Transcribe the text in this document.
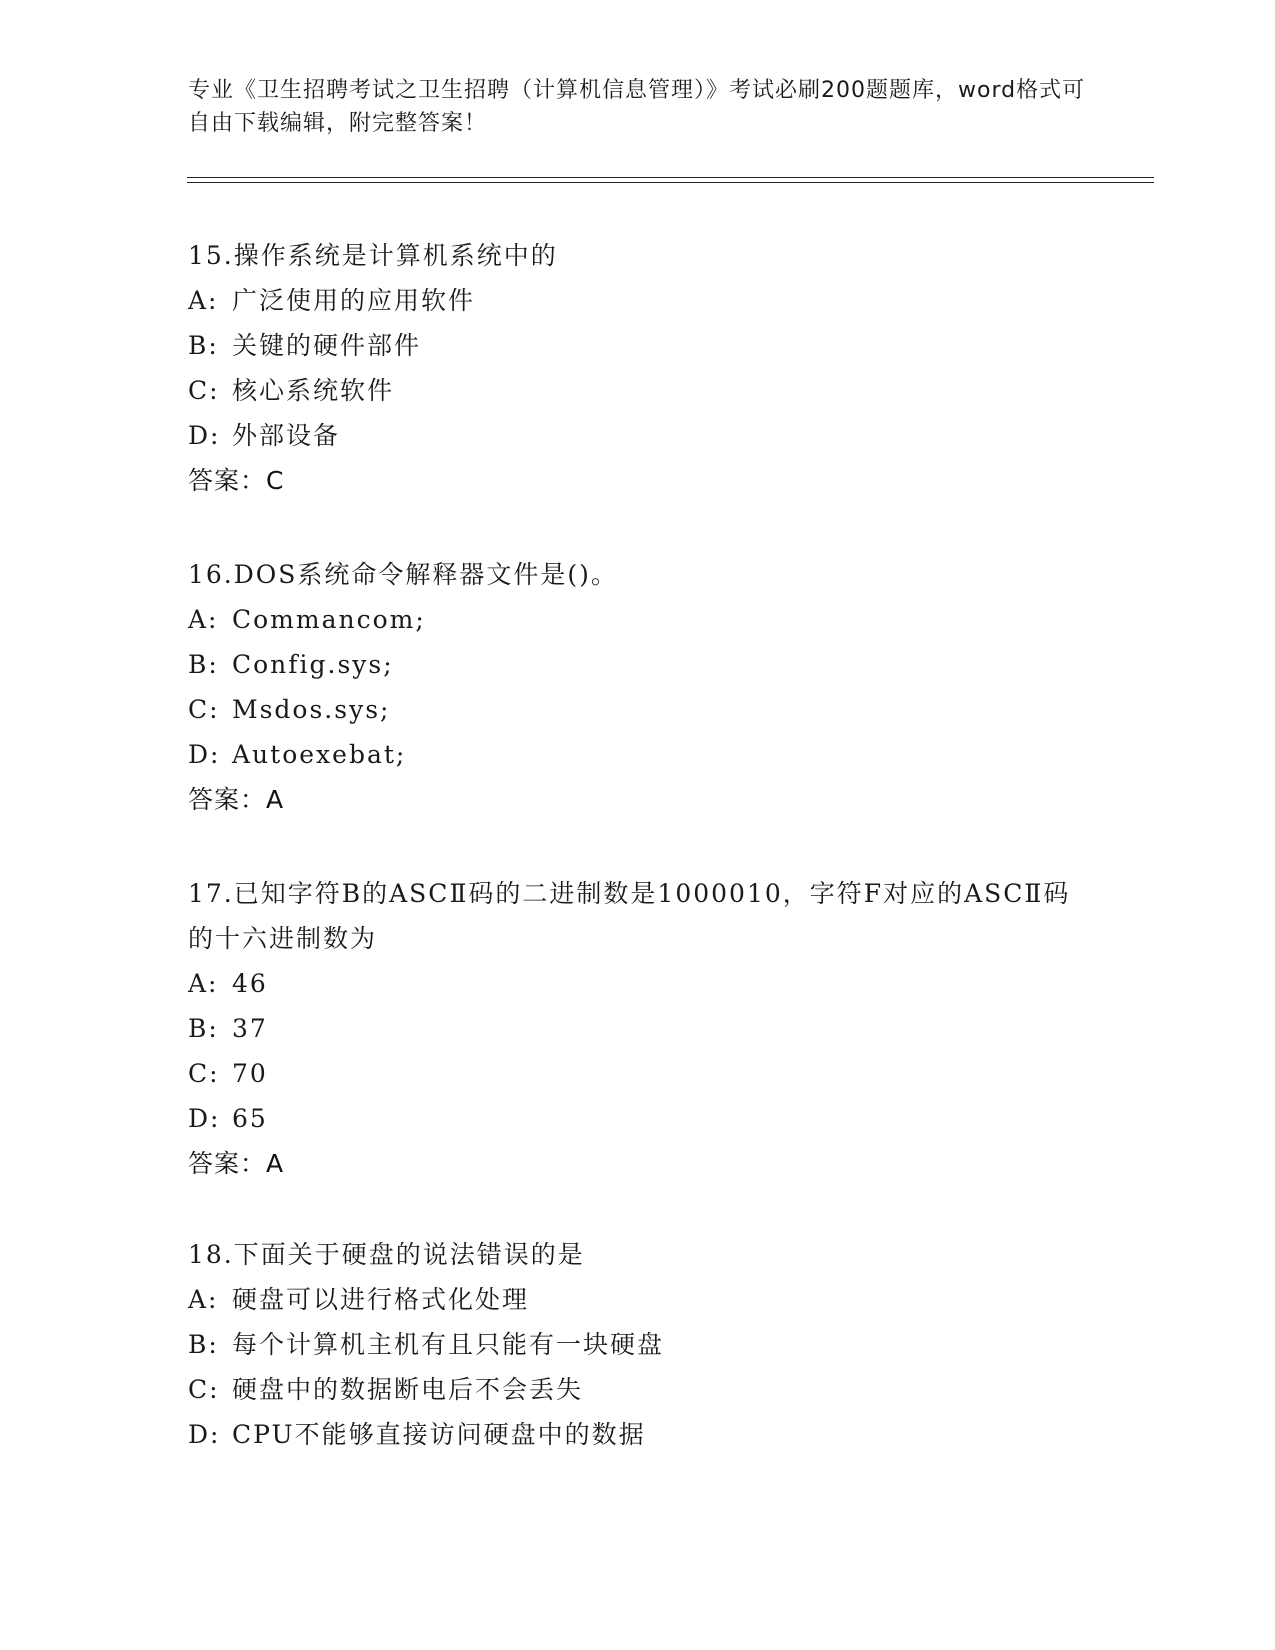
专业《卫生招聘考试之卫生招聘（计算机信息管理）》考试必刷200题题库，word格式可自由下载编辑，附完整答案！
15.操作系统是计算机系统中的
A: 广泛使用的应用软件
B: 关键的硬件部件
C: 核心系统软件
D: 外部设备
答案：C
16.DOS系统命令解释器文件是()。
A: Commancom;
B: Config.sys;
C: Msdos.sys;
D: Autoexebat;
答案：A
17.已知字符B的ASCⅡ码的二进制数是1000010，字符F对应的ASCⅡ码的十六进制数为
A: 46
B: 37
C: 70
D: 65
答案：A
18.下面关于硬盘的说法错误的是
A: 硬盘可以进行格式化处理
B: 每个计算机主机有且只能有一块硬盘
C: 硬盘中的数据断电后不会丢失
D: CPU不能够直接访问硬盘中的数据
